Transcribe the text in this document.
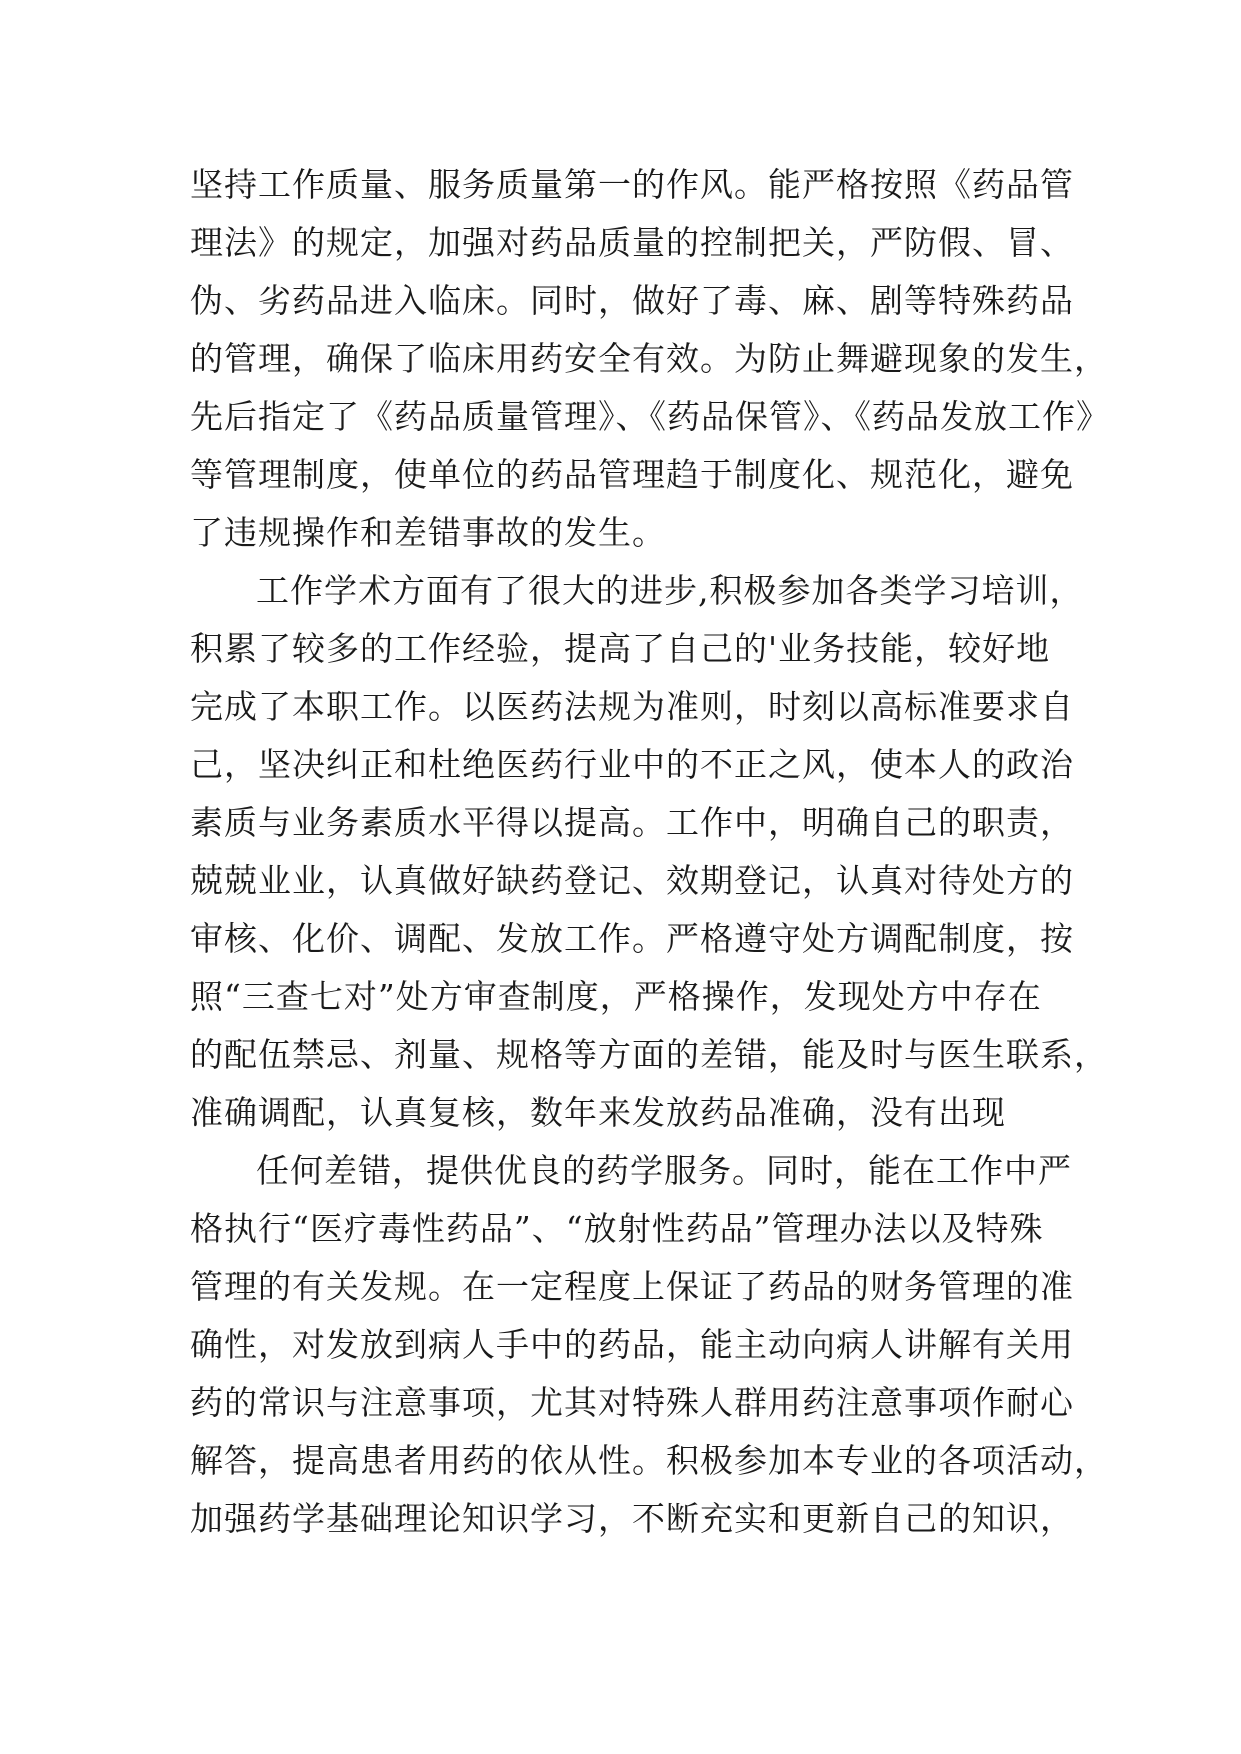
坚持工作质量、服务质量第一的作风。能严格按照《药品管
理法》的规定，加强对药品质量的控制把关，严防假、冒、
伪、劣药品进入临床。同时，做好了毒、麻、剧等特殊药品
的管理，确保了临床用药安全有效。为防止舞避现象的发生，
先后指定了《药品质量管理》、《药品保管》、《药品发放工作》
等管理制度，使单位的药品管理趋于制度化、规范化，避免
了违规操作和差错事故的发生。
工作学术方面有了很大的进步,积极参加各类学习培训，
积累了较多的工作经验，提高了自己的'业务技能，较好地
完成了本职工作。以医药法规为准则，时刻以高标准要求自
己，坚决纠正和杜绝医药行业中的不正之风，使本人的政治
素质与业务素质水平得以提高。工作中，明确自己的职责，
兢兢业业，认真做好缺药登记、效期登记，认真对待处方的
审核、化价、调配、发放工作。严格遵守处方调配制度，按
照“三查七对”处方审查制度，严格操作，发现处方中存在
的配伍禁忌、剂量、规格等方面的差错，能及时与医生联系，
准确调配，认真复核，数年来发放药品准确，没有出现
任何差错，提供优良的药学服务。同时，能在工作中严
格执行“医疗毒性药品”、“放射性药品”管理办法以及特殊
管理的有关发规。在一定程度上保证了药品的财务管理的准
确性，对发放到病人手中的药品，能主动向病人讲解有关用
药的常识与注意事项，尤其对特殊人群用药注意事项作耐心
解答，提高患者用药的依从性。积极参加本专业的各项活动，
加强药学基础理论知识学习，不断充实和更新自己的知识，
